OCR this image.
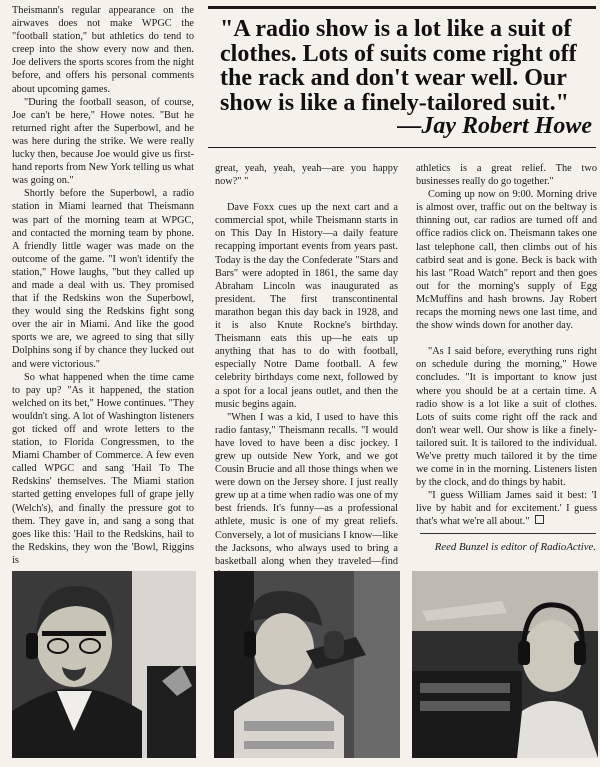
Theismann's regular appearance on the airwaves does not make WPGC the "football station," but athletics do tend to creep into the show every now and then. Joe delivers the sports scores from the night before, and offers his personal comments about upcoming games.

"During the football season, of course, Joe can't be here," Howe notes. "But he returned right after the Superbowl, and he was here during the strike. We were really lucky then, because Joe would give us first-hand reports from New York telling us what was going on."

Shortly before the Superbowl, a radio station in Miami learned that Theismann was part of the morning team at WPGC, and contacted the morning team by phone. A friendly little wager was made on the outcome of the game. "I won't identify the station," Howe laughs, "but they called up and made a deal with us. They promised that if the Redskins won the Superbowl, they would sing the Redskins fight song over the air in Miami. And like the good sports we are, we agreed to sing that silly Dolphins song if by chance they lucked out and were victorious."

So what happened when the time came to pay up? "As it happened, the station welched on its bet," Howe continues. "They wouldn't sing. A lot of Washington listeners got ticked off and wrote letters to the station, to Florida Congressmen, to the Miami Chamber of Commerce. A few even called WPGC and sang 'Hail To The Redskins' themselves. The Miami station started getting envelopes full of grape jelly (Welch's), and finally the pressure got to them. They gave in, and sang a song that goes like this: 'Hail to the Redskins, hail to the Redskins, they won the 'Bowl, Riggins is

"A radio show is a lot like a suit of clothes. Lots of suits come right off the rack and don't wear well. Our show is like a finely-tailored suit."
—Jay Robert Howe

great, yeah, yeah, yeah—are you happy now?" "

Dave Foxx cues up the next cart and a commercial spot, while Theismann starts in on This Day In History—a daily feature recapping important events from years past. Today is the day the Confederate "Stars and Bars" were adopted in 1861, the same day Abraham Lincoln was inaugurated as president. The first transcontinental marathon began this day back in 1928, and it is also Knute Rockne's birthday. Theismann eats this up—he eats up anything that has to do with football, especially Notre Dame football. A few celebrity birthdays come next, followed by a spot for a local jeans outlet, and then the music begins again.

"When I was a kid, I used to have this radio fantasy," Theismann recalls. "I would have loved to have been a disc jockey. I grew up outside New York, and we got Cousin Brucie and all those things when we were down on the Jersey shore. I just really grew up at a time when radio was one of my best friends. It's funny—as a professional athlete, music is one of my great reliefs. Conversely, a lot of musicians I know—like the Jacksons, who always used to bring a basketball along when they traveled—find

athletics is a great relief. The two businesses really do go together."

Coming up now on 9:00. Morning drive is almost over, traffic out on the beltway is thinning out, car radios are turned off and office radios click on. Theismann takes one last telephone call, then climbs out of his catbird seat and is gone. Beck is back with his last "Road Watch" report and then goes out for the morning's supply of Egg McMuffins and hash browns. Jay Robert recaps the morning news one last time, and the show winds down for another day.

"As I said before, everything runs right on schedule during the morning," Howe concludes. "It is important to know just where you should be at a certain time. A radio show is a lot like a suit of clothes. Lots of suits come right off the rack and don't wear well. Our show is like a finely-tailored suit. It is tailored to the individual. We've pretty much tailored it by the time we come in in the morning. Listeners listen by the clock, and do things by habit.

"I guess William James said it best: 'I live by habit and for excitement.' I guess that's what we're all about."

Reed Bunzel is editor of RadioActive.
